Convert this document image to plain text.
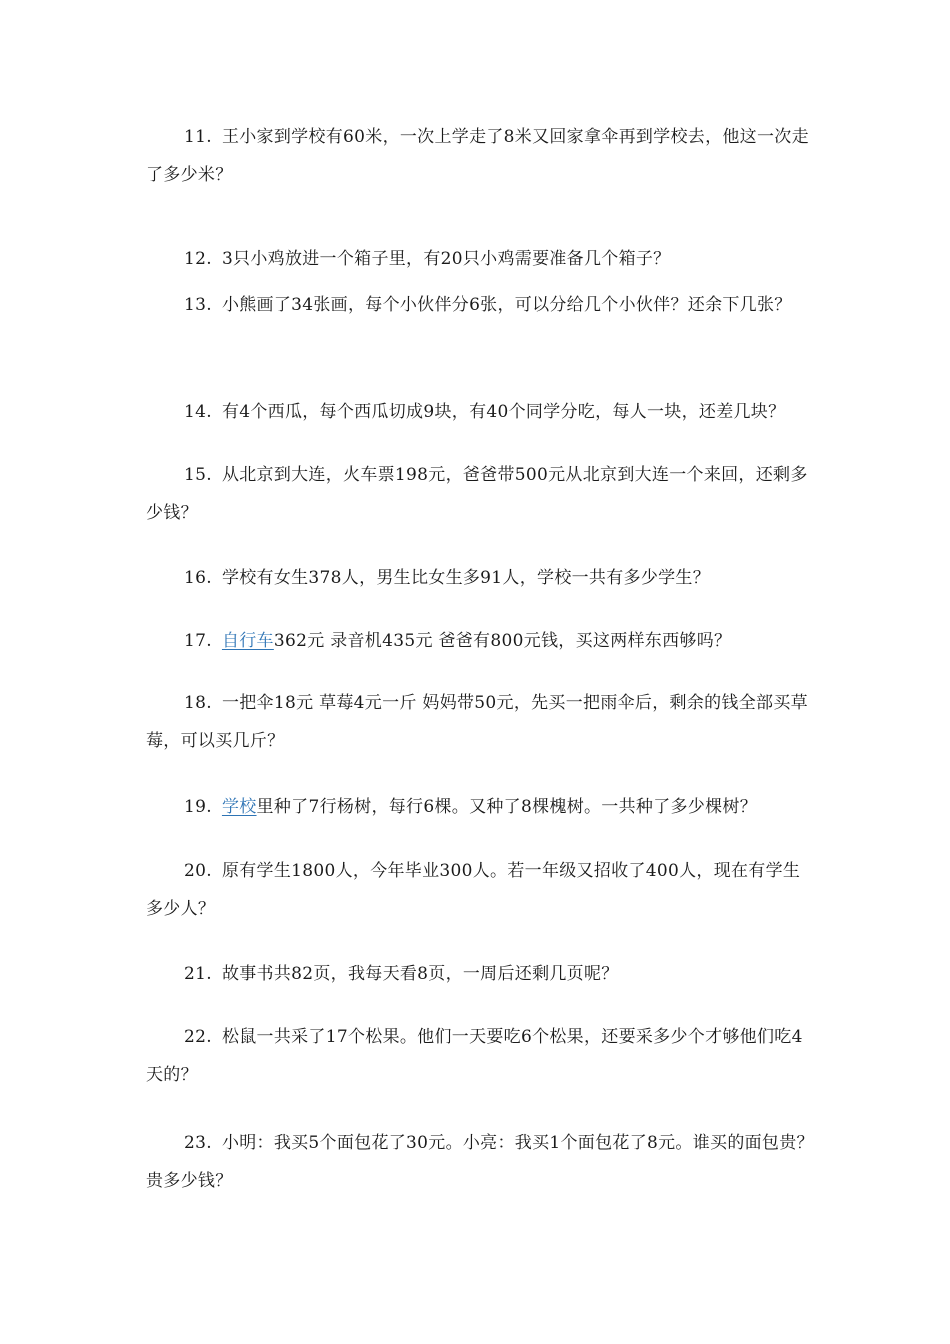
11. 王小家到学校有60米，一次上学走了8米又回家拿伞再到学校去，他这一次走了多少米？
12. 3只小鸡放进一个箱子里，有20只小鸡需要准备几个箱子？
13. 小熊画了34张画，每个小伙伴分6张，可以分给几个小伙伴？还余下几张？
14. 有4个西瓜，每个西瓜切成9块，有40个同学分吃，每人一块，还差几块？
15. 从北京到大连，火车票198元，爸爸带500元从北京到大连一个来回，还剩多少钱？
16. 学校有女生378人，男生比女生多91人，学校一共有多少学生？
17. 自行车362元 录音机435元 爸爸有800元钱，买这两样东西够吗？
18. 一把伞18元 草莓4元一斤 妈妈带50元，先买一把雨伞后，剩余的钱全部买草莓，可以买几斤？
19. 学校里种了7行杨树，每行6棵。又种了8棵槐树。一共种了多少棵树？
20. 原有学生1800人，今年毕业300人。若一年级又招收了400人，现在有学生多少人？
21. 故事书共82页，我每天看8页，一周后还剩几页呢？
22. 松鼠一共采了17个松果。他们一天要吃6个松果，还要采多少个才够他们吃4天的？
23. 小明：我买5个面包花了30元。小亮：我买1个面包花了8元。谁买的面包贵？贵多少钱？
